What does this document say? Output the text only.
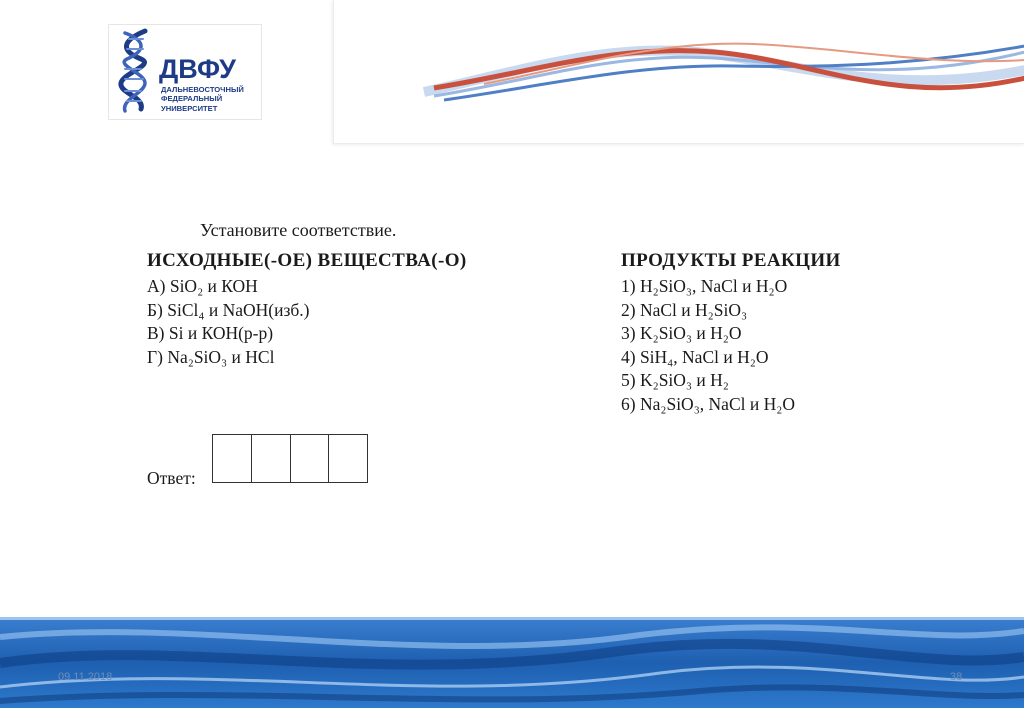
ДВФУ
ДАЛЬНЕВОСТОЧНЫЙ
ФЕДЕРАЛЬНЫЙ
УНИВЕРСИТЕТ
Установите соответствие.
ИСХОДНЫЕ(-ОЕ) ВЕЩЕСТВА(-О)	ПРОДУКТЫ РЕАКЦИИ
А) SiO₂ и КОН
Б) SiCl₄ и NaOH(изб.)
В) Si и КОН(р-р)
Г) Na₂SiO₃ и HCl
1) H₂SiO₃, NaCl и H₂O
2) NaCl и H₂SiO₃
3) K₂SiO₃ и H₂O
4) SiH₄, NaCl и H₂O
5) K₂SiO₃ и H₂
6) Na₂SiO₃, NaCl и H₂O
Ответ:
09.11.2018	38
